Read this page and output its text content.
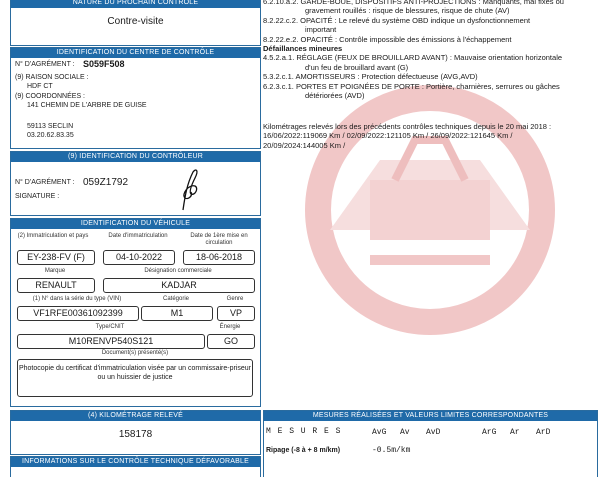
NATURE DU PROCHAIN CONTRÔLE
Contre-visite
IDENTIFICATION DU CENTRE DE CONTRÔLE
N° D'AGRÉMENT : S059F508
(9) RAISON SOCIALE :
HDF CT
(9) COORDONNÉES :
141 CHEMIN DE L'ARBRE DE GUISE
59113 SECLIN
03.20.62.83.35
(9) IDENTIFICATION DU CONTRÔLEUR
N° D'AGRÉMENT : 059Z1792
SIGNATURE :
IDENTIFICATION DU VÉHICULE
(2) Immatriculation et pays	Date d'immatriculation	Date de 1ère mise en circulation
EY-238-FV (F)	04-10-2022	18-06-2018
Marque	Désignation commerciale
RENAULT	KADJAR
(1) N° dans la série du type (VIN)	Catégorie	Genre
VF1RFE00361092399	M1	VP
Type/CNIT	Énergie
M10RENVP540S121	GO
Document(s) présenté(s)
Photocopie du certificat d'immatriculation visée par un commissaire-priseur ou un huissier de justice
(4) KILOMÉTRAGE RELEVÉ
158178
INFORMATIONS SUR LE CONTRÔLE TECHNIQUE DÉFAVORABLE
6.2.10.a.2. GARDE-BOUE, DISPOSITIFS ANTI-PROJECTIONS : Manquants, mal fixés ou
gravement rouillés : risque de blessures, risque de chute (AV)
8.2.22.c.2. OPACITÉ : Le relevé du système OBD indique un dysfonctionnement
important
8.2.22.e.2. OPACITÉ : Contrôle impossible des émissions à l'échappement
Défaillances mineures
4.5.2.a.1. RÉGLAGE (FEUX DE BROUILLARD AVANT) : Mauvaise orientation horizontale
d'un feu de brouillard avant (G)
5.3.2.c.1. AMORTISSEURS : Protection défectueuse (AVG,AVD)
6.2.3.c.1. PORTES ET POIGNÉES DE PORTE : Portière, charnières, serrures ou gâches
détériorées (AVD)
Kilométrages relevés lors des précédents contrôles techniques depuis le 20 mai 2018 :
16/06/2022:119069 Km / 02/09/2022:121105 Km / 26/09/2022:121645 Km /
20/09/2024:144005 Km /
MESURES RÉALISÉES ET VALEURS LIMITES CORRESPONDANTES
M E S U R E S	AvG Av AvD	ArG Ar ArD
Ripage (-8 à + 8 m/km)	-0.5m/km
